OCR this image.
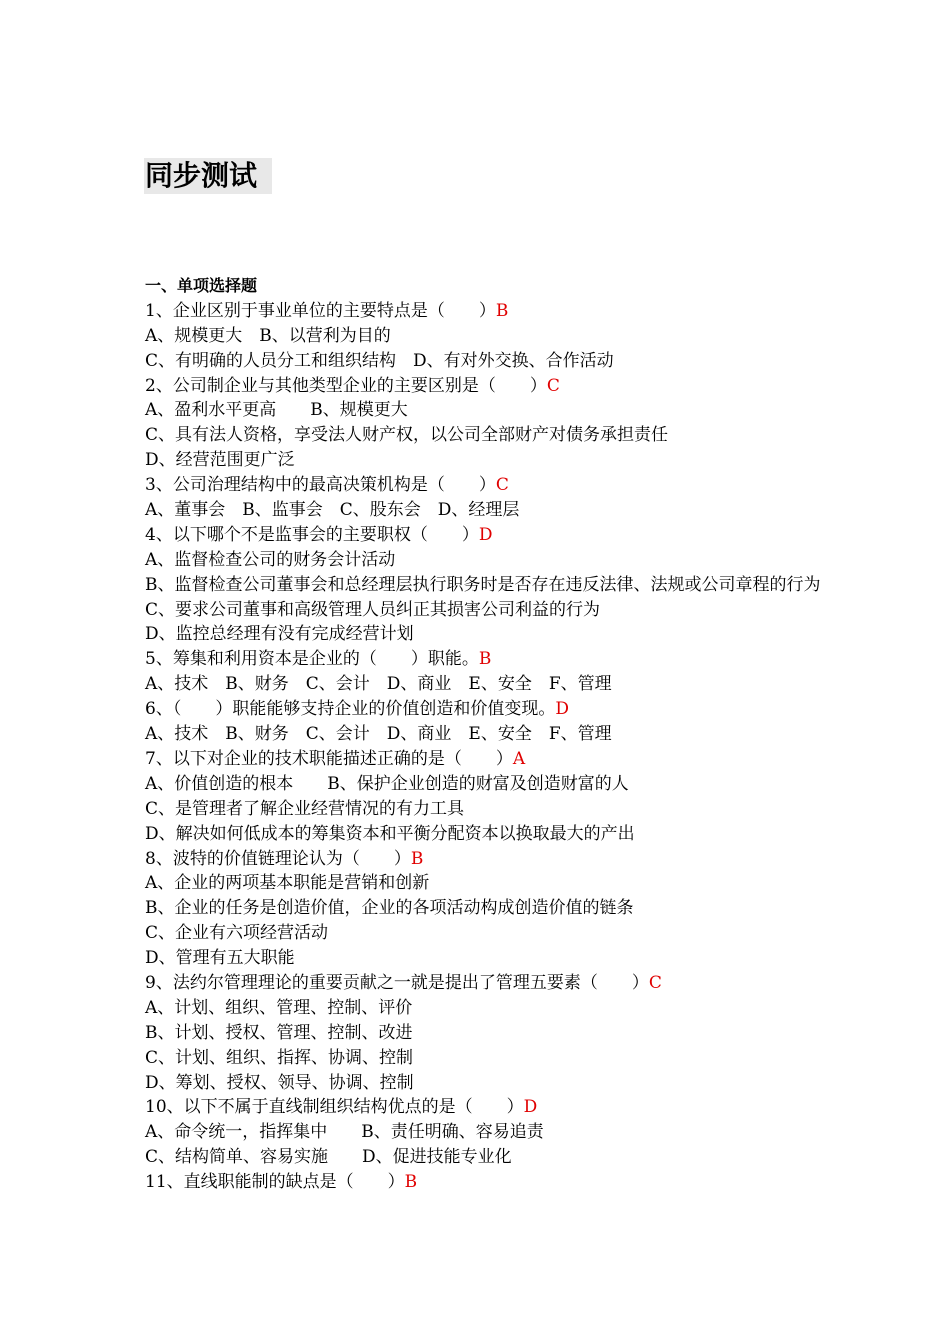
同步测试
一、单项选择题
1、企业区别于事业单位的主要特点是（　　）B
A、规模更大　B、以营利为目的
C、有明确的人员分工和组织结构　D、有对外交换、合作活动
2、公司制企业与其他类型企业的主要区别是（　　）C
A、盈利水平更高　　B、规模更大
C、具有法人资格，享受法人财产权，以公司全部财产对债务承担责任
D、经营范围更广泛
3、公司治理结构中的最高决策机构是（　　）C
A、董事会　B、监事会　C、股东会　D、经理层
4、以下哪个不是监事会的主要职权（　　）D
A、监督检查公司的财务会计活动
B、监督检查公司董事会和总经理层执行职务时是否存在违反法律、法规或公司章程的行为
C、要求公司董事和高级管理人员纠正其损害公司利益的行为
D、监控总经理有没有完成经营计划
5、筹集和利用资本是企业的（　　）职能。B
A、技术　B、财务　C、会计　D、商业　E、安全　F、管理
6、（　　）职能能够支持企业的价值创造和价值变现。D
A、技术　B、财务　C、会计　D、商业　E、安全　F、管理
7、以下对企业的技术职能描述正确的是（　　）A
A、价值创造的根本　　B、保护企业创造的财富及创造财富的人
C、是管理者了解企业经营情况的有力工具
D、解决如何低成本的筹集资本和平衡分配资本以换取最大的产出
8、波特的价值链理论认为（　　）B
A、企业的两项基本职能是营销和创新
B、企业的任务是创造价值，企业的各项活动构成创造价值的链条
C、企业有六项经营活动
D、管理有五大职能
9、法约尔管理理论的重要贡献之一就是提出了管理五要素（　　）C
A、计划、组织、管理、控制、评价
B、计划、授权、管理、控制、改进
C、计划、组织、指挥、协调、控制
D、筹划、授权、领导、协调、控制
10、以下不属于直线制组织结构优点的是（　　）D
A、命令统一，指挥集中　　B、责任明确、容易追责
C、结构简单、容易实施　　D、促进技能专业化
11、直线职能制的缺点是（　　）B
